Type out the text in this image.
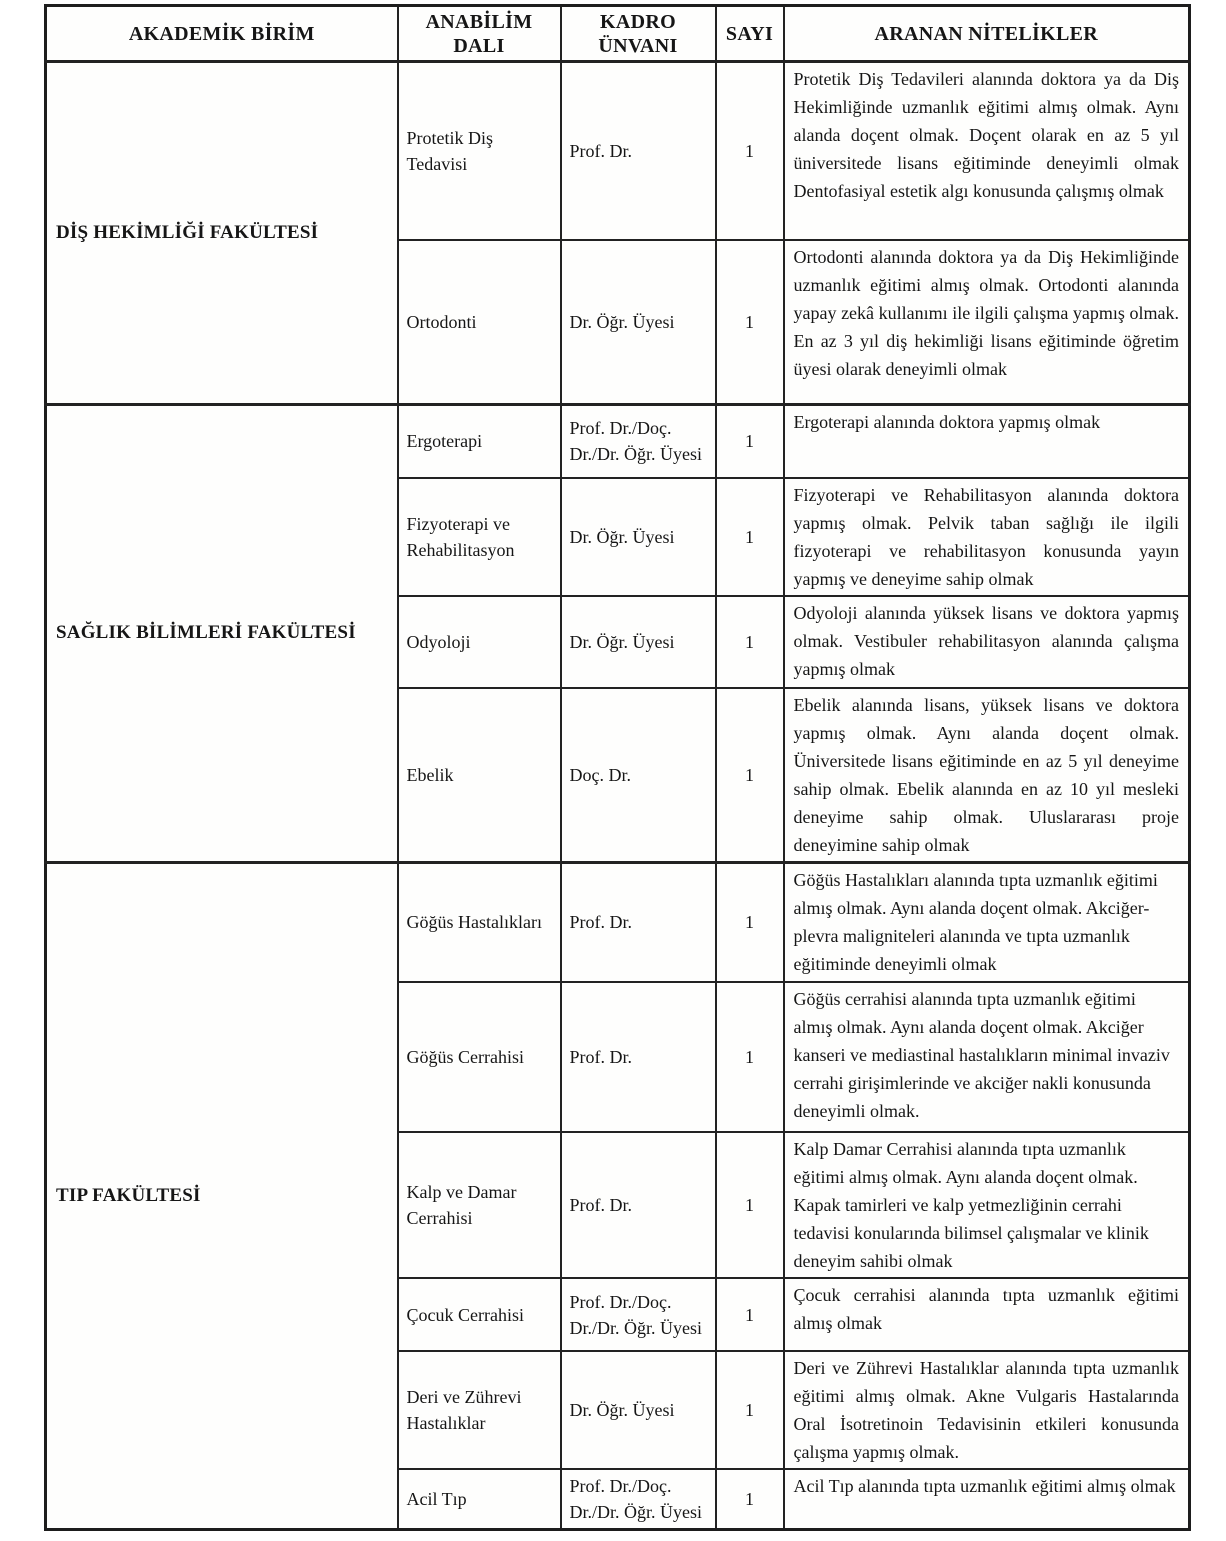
AKADEMİK BİRİM	ANABİLİM DALI	KADRO ÜNVANI	SAYI	ARANAN NİTELİKLER
DİŞ HEKİMLİĞİ FAKÜLTESİ	Protetik Diş Tedavisi	Prof. Dr.	1	Protetik Diş Tedavileri alanında doktora ya da Diş Hekimliğinde uzmanlık eğitimi almış olmak. Aynı alanda doçent olmak. Doçent olarak en az 5 yıl üniversitede lisans eğitiminde deneyimli olmak Dentofasiyal estetik algı konusunda çalışmış olmak
	Ortodonti	Dr. Öğr. Üyesi	1	Ortodonti alanında doktora ya da Diş Hekimliğinde uzmanlık eğitimi almış olmak. Ortodonti alanında yapay zekâ kullanımı ile ilgili çalışma yapmış olmak. En az 3 yıl diş hekimliği lisans eğitiminde öğretim üyesi olarak deneyimli olmak
SAĞLIK BİLİMLERİ FAKÜLTESİ	Ergoterapi	Prof. Dr./Doç. Dr./Dr. Öğr. Üyesi	1	Ergoterapi alanında doktora yapmış olmak
	Fizyoterapi ve Rehabilitasyon	Dr. Öğr. Üyesi	1	Fizyoterapi ve Rehabilitasyon alanında doktora yapmış olmak. Pelvik taban sağlığı ile ilgili fizyoterapi ve rehabilitasyon konusunda yayın yapmış ve deneyime sahip olmak
	Odyoloji	Dr. Öğr. Üyesi	1	Odyoloji alanında yüksek lisans ve doktora yapmış olmak. Vestibuler rehabilitasyon alanında çalışma yapmış olmak
	Ebelik	Doç. Dr.	1	Ebelik alanında lisans, yüksek lisans ve doktora yapmış olmak. Aynı alanda doçent olmak. Üniversitede lisans eğitiminde en az 5 yıl deneyime sahip olmak. Ebelik alanında en az 10 yıl mesleki deneyime sahip olmak. Uluslararası proje deneyimine sahip olmak
TIP FAKÜLTESİ	Göğüs Hastalıkları	Prof. Dr.	1	Göğüs Hastalıkları alanında tıpta uzmanlık eğitimi almış olmak. Aynı alanda doçent olmak. Akciğer-plevra maligniteleri alanında ve tıpta uzmanlık eğitiminde deneyimli olmak
	Göğüs Cerrahisi	Prof. Dr.	1	Göğüs cerrahisi alanında tıpta uzmanlık eğitimi almış olmak. Aynı alanda doçent olmak. Akciğer kanseri ve mediastinal hastalıkların minimal invaziv cerrahi girişimlerinde ve akciğer nakli konusunda deneyimli olmak.
	Kalp ve Damar Cerrahisi	Prof. Dr.	1	Kalp Damar Cerrahisi alanında tıpta uzmanlık eğitimi almış olmak. Aynı alanda doçent olmak. Kapak tamirleri ve kalp yetmezliğinin cerrahi tedavisi konularında bilimsel çalışmalar ve klinik deneyim sahibi olmak
	Çocuk Cerrahisi	Prof. Dr./Doç. Dr./Dr. Öğr. Üyesi	1	Çocuk cerrahisi alanında tıpta uzmanlık eğitimi almış olmak
	Deri ve Zührevi Hastalıklar	Dr. Öğr. Üyesi	1	Deri ve Zührevi Hastalıklar alanında tıpta uzmanlık eğitimi almış olmak. Akne Vulgaris Hastalarında Oral İsotretinoin Tedavisinin etkileri konusunda çalışma yapmış olmak.
	Acil Tıp	Prof. Dr./Doç. Dr./Dr. Öğr. Üyesi	1	Acil Tıp alanında tıpta uzmanlık eğitimi almış olmak
